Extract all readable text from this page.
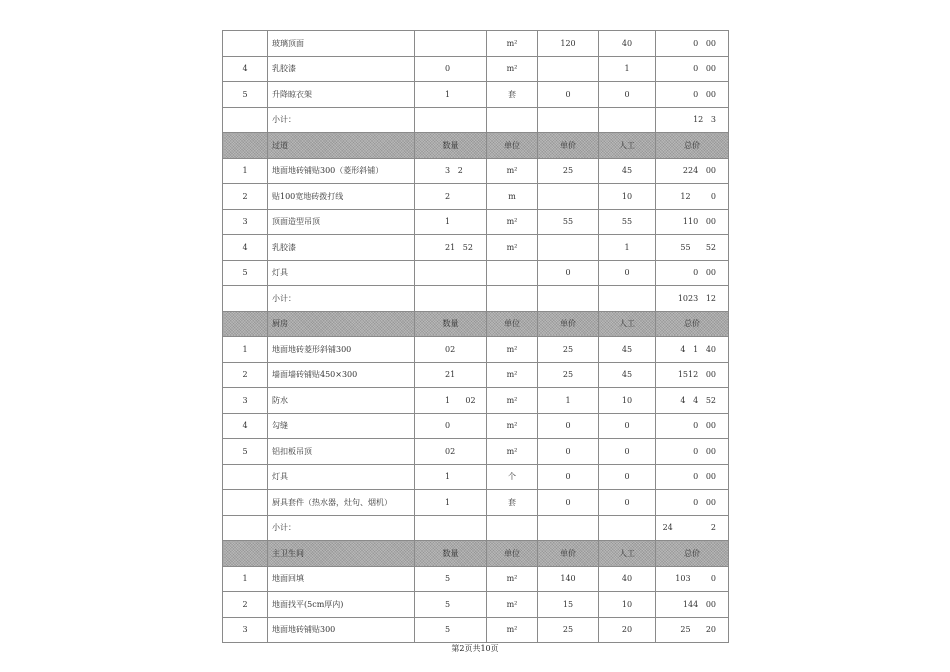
	玻璃顶面		m²	120	40	0   00
4	乳胶漆	0	m²		1	0   00
5	升降晾衣架	1	套	0	0	0   00
	小计：					12   3
	过道	数量	单位	单价	人工	总价
1	地面地砖铺贴300（菱形斜铺）	3   2	m²	25	45	224   00
2	贴100宽地砖拨打线	2	m		10	12        0
3	顶面造型吊顶	1	m²	55	55	110   00
4	乳胶漆	21   52	m²		1	55      52
5	灯具			0	0	0   00
	小计：					1023   12
	厨房	数量	单位	单价	人工	总价
1	地面地砖菱形斜铺300	02	m²	25	45	4   1   40
2	墙面墙砖铺贴450×300	21	m²	25	45	1512   00
3	防水	1      02	m²	1	10	4   4   52
4	勾缝	0	m²	0	0	0   00
5	铝扣板吊顶	02	m²	0	0	0   00
	灯具	1	个	0	0	0   00
	厨具套件（热水器，灶句、烟机）	1	套	0	0	0   00
	小计：					24               2
	主卫生间	数量	单位	单价	人工	总价
1	地面回填	5	m²	140	40	103        0
2	地面找平(5cm厚内)	5	m²	15	10	144   00
3	地面地砖铺贴300	5	m²	25	20	25      20
第2页共10页
